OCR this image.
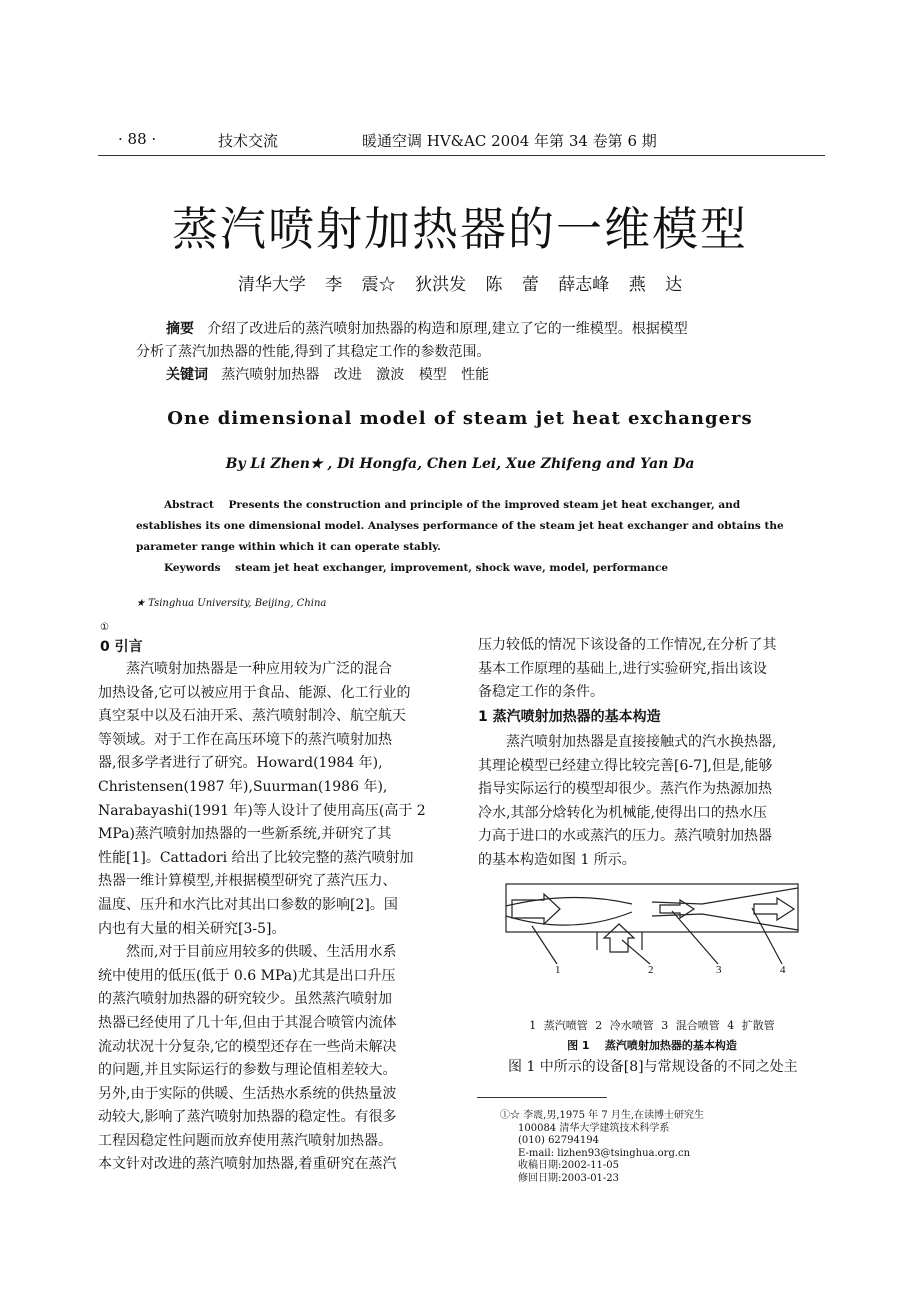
· 88 ·	技术交流	暖通空调 HV&AC 2004 年第 34 卷第 6 期
蒸汽喷射加热器的一维模型
清华大学 李 震☆ 狄洪发 陈 蕾 薛志峰 燕 达
摘要 介绍了改进后的蒸汽喷射加热器的构造和原理,建立了它的一维模型。根据模型
分析了蒸汽加热器的性能,得到了其稳定工作的参数范围。
关键词 蒸汽喷射加热器 改进 激波 模型 性能
One dimensional model of steam jet heat exchangers
By Li Zhen★ , Di Hongfa, Chen Lei, Xue Zhifeng and Yan Da
Abstract Presents the construction and principle of the improved steam jet heat exchanger, and
establishes its one dimensional model. Analyses performance of the steam jet heat exchanger and obtains the
parameter range within which it can operate stably.
Keywords steam jet heat exchanger, improvement, shock wave, model, performance
★ Tsinghua University, Beijing, China
①
0 引言

蒸汽喷射加热器是一种应用较为广泛的混合

加热设备,它可以被应用于食品、能源、化工行业的

真空泵中以及石油开采、蒸汽喷射制冷、航空航天

等领域。对于工作在高压环境下的蒸汽喷射加热

器,很多学者进行了研究。Howard(1984 年),

Christensen(1987 年),Suurman(1986 年),

Narabayashi(1991 年)等人设计了使用高压(高于 2

MPa)蒸汽喷射加热器的一些新系统,并研究了其

性能[1]。Cattadori 给出了比较完整的蒸汽喷射加

热器一维计算模型,并根据模型研究了蒸汽压力、

温度、压升和水汽比对其出口参数的影响[2]。国

内也有大量的相关研究[3-5]。

然而,对于目前应用较多的供暖、生活用水系

统中使用的低压(低于 0.6 MPa)尤其是出口升压

的蒸汽喷射加热器的研究较少。虽然蒸汽喷射加

热器已经使用了几十年,但由于其混合喷管内流体

流动状况十分复杂,它的模型还存在一些尚未解决

的问题,并且实际运行的参数与理论值相差较大。

另外,由于实际的供暖、生活热水系统的供热量波

动较大,影响了蒸汽喷射加热器的稳定性。有很多

工程因稳定性问题而放弃使用蒸汽喷射加热器。

本文针对改进的蒸汽喷射加热器,着重研究在蒸汽

压力较低的情况下该设备的工作情况,在分析了其

基本工作原理的基础上,进行实验研究,指出该设

备稳定工作的条件。

1 蒸汽喷射加热器的基本构造

蒸汽喷射加热器是直接接触式的汽水换热器,

其理论模型已经建立得比较完善[6-7],但是,能够

指导实际运行的模型却很少。蒸汽作为热源加热

冷水,其部分焓转化为机械能,使得出口的热水压

力高于进口的水或蒸汽的压力。蒸汽喷射加热器

的基本构造如图 1 所示。

1	2	3	4
1 蒸汽喷管 2 冷水喷管 3 混合喷管 4 扩散管
图 1 蒸汽喷射加热器的基本构造
图 1 中所示的设备[8]与常规设备的不同之处主
①☆ 李震,男,1975 年 7 月生,在读博士研究生
100084 清华大学建筑技术科学系
(010) 62794194
E-mail: lizhen93@tsinghua.org.cn
收稿日期:2002-11-05
修回日期:2003-01-23
